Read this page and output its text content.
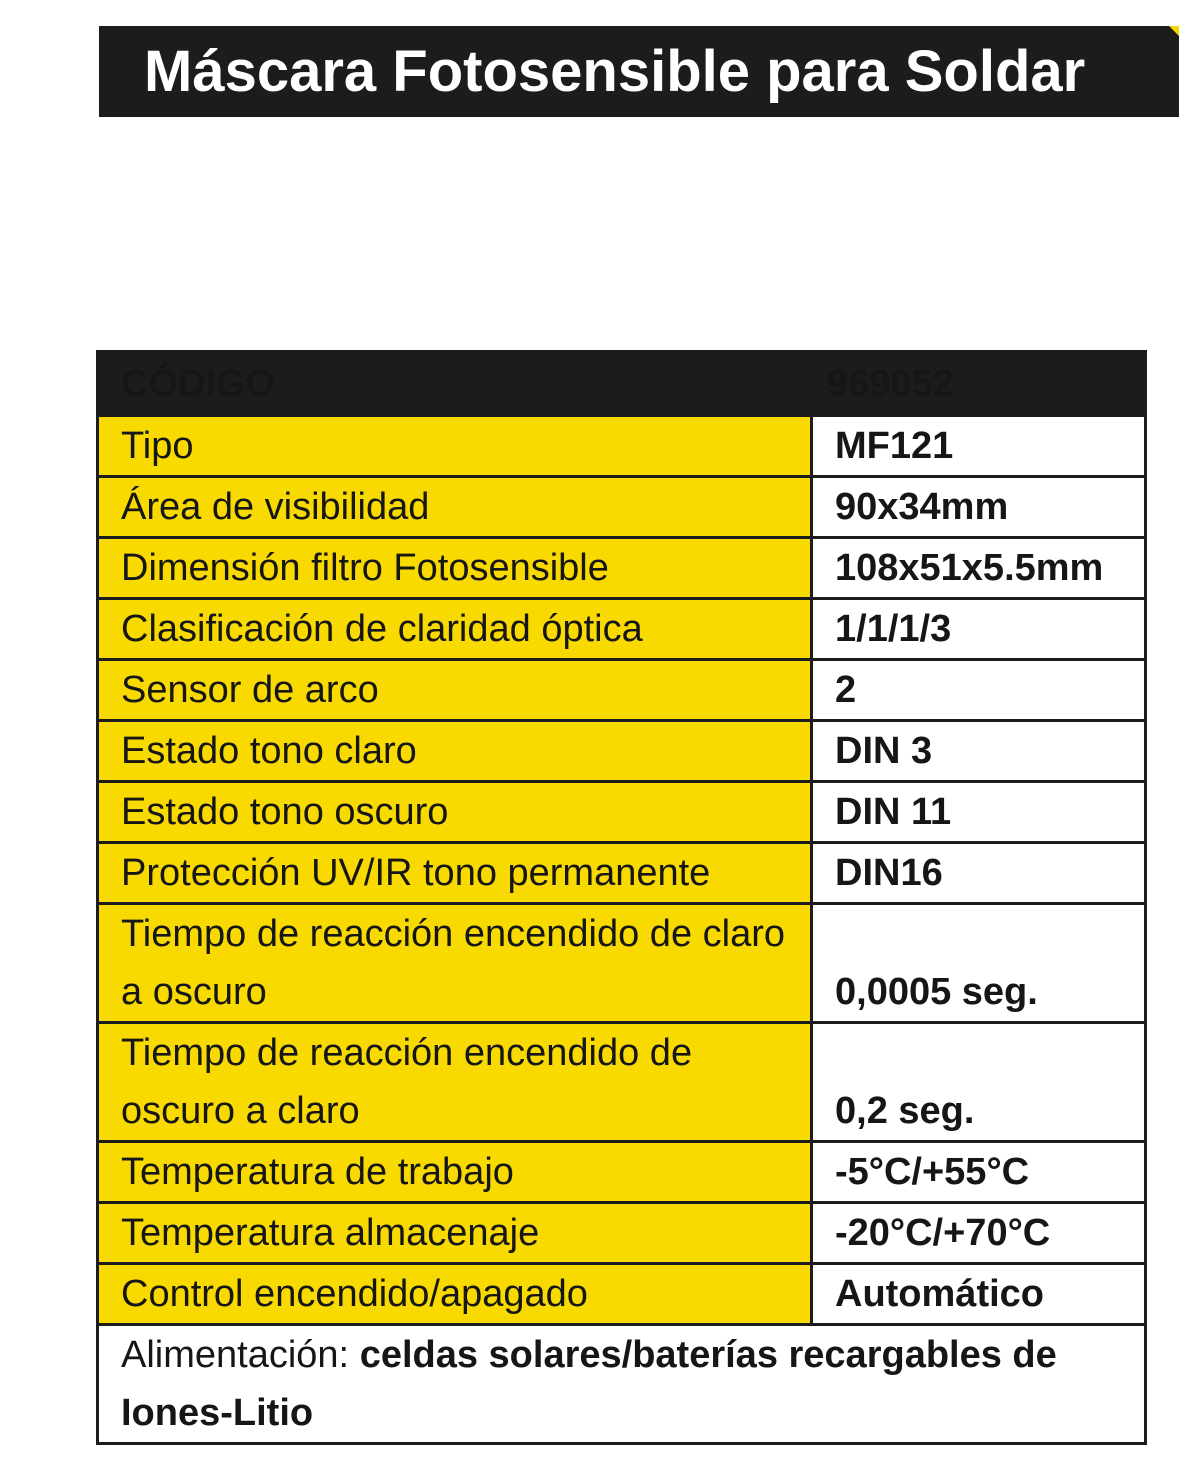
Máscara Fotosensible para Soldar
CÓDIGO	969052
Tipo	MF121
Área de visibilidad	90x34mm
Dimensión filtro Fotosensible	108x51x5.5mm
Clasificación de claridad óptica	1/1/1/3
Sensor de arco	2
Estado tono claro	DIN 3
Estado tono oscuro	DIN 11
Protección UV/IR tono permanente	DIN16
Tiempo de reacción encendido de claro a oscuro	0,0005 seg.
Tiempo de reacción encendido de oscuro a claro	0,2 seg.
Temperatura de trabajo	-5°C/+55°C
Temperatura almacenaje	-20°C/+70°C
Control encendido/apagado	Automático
Alimentación: celdas solares/baterías recargables de Iones-Litio	
